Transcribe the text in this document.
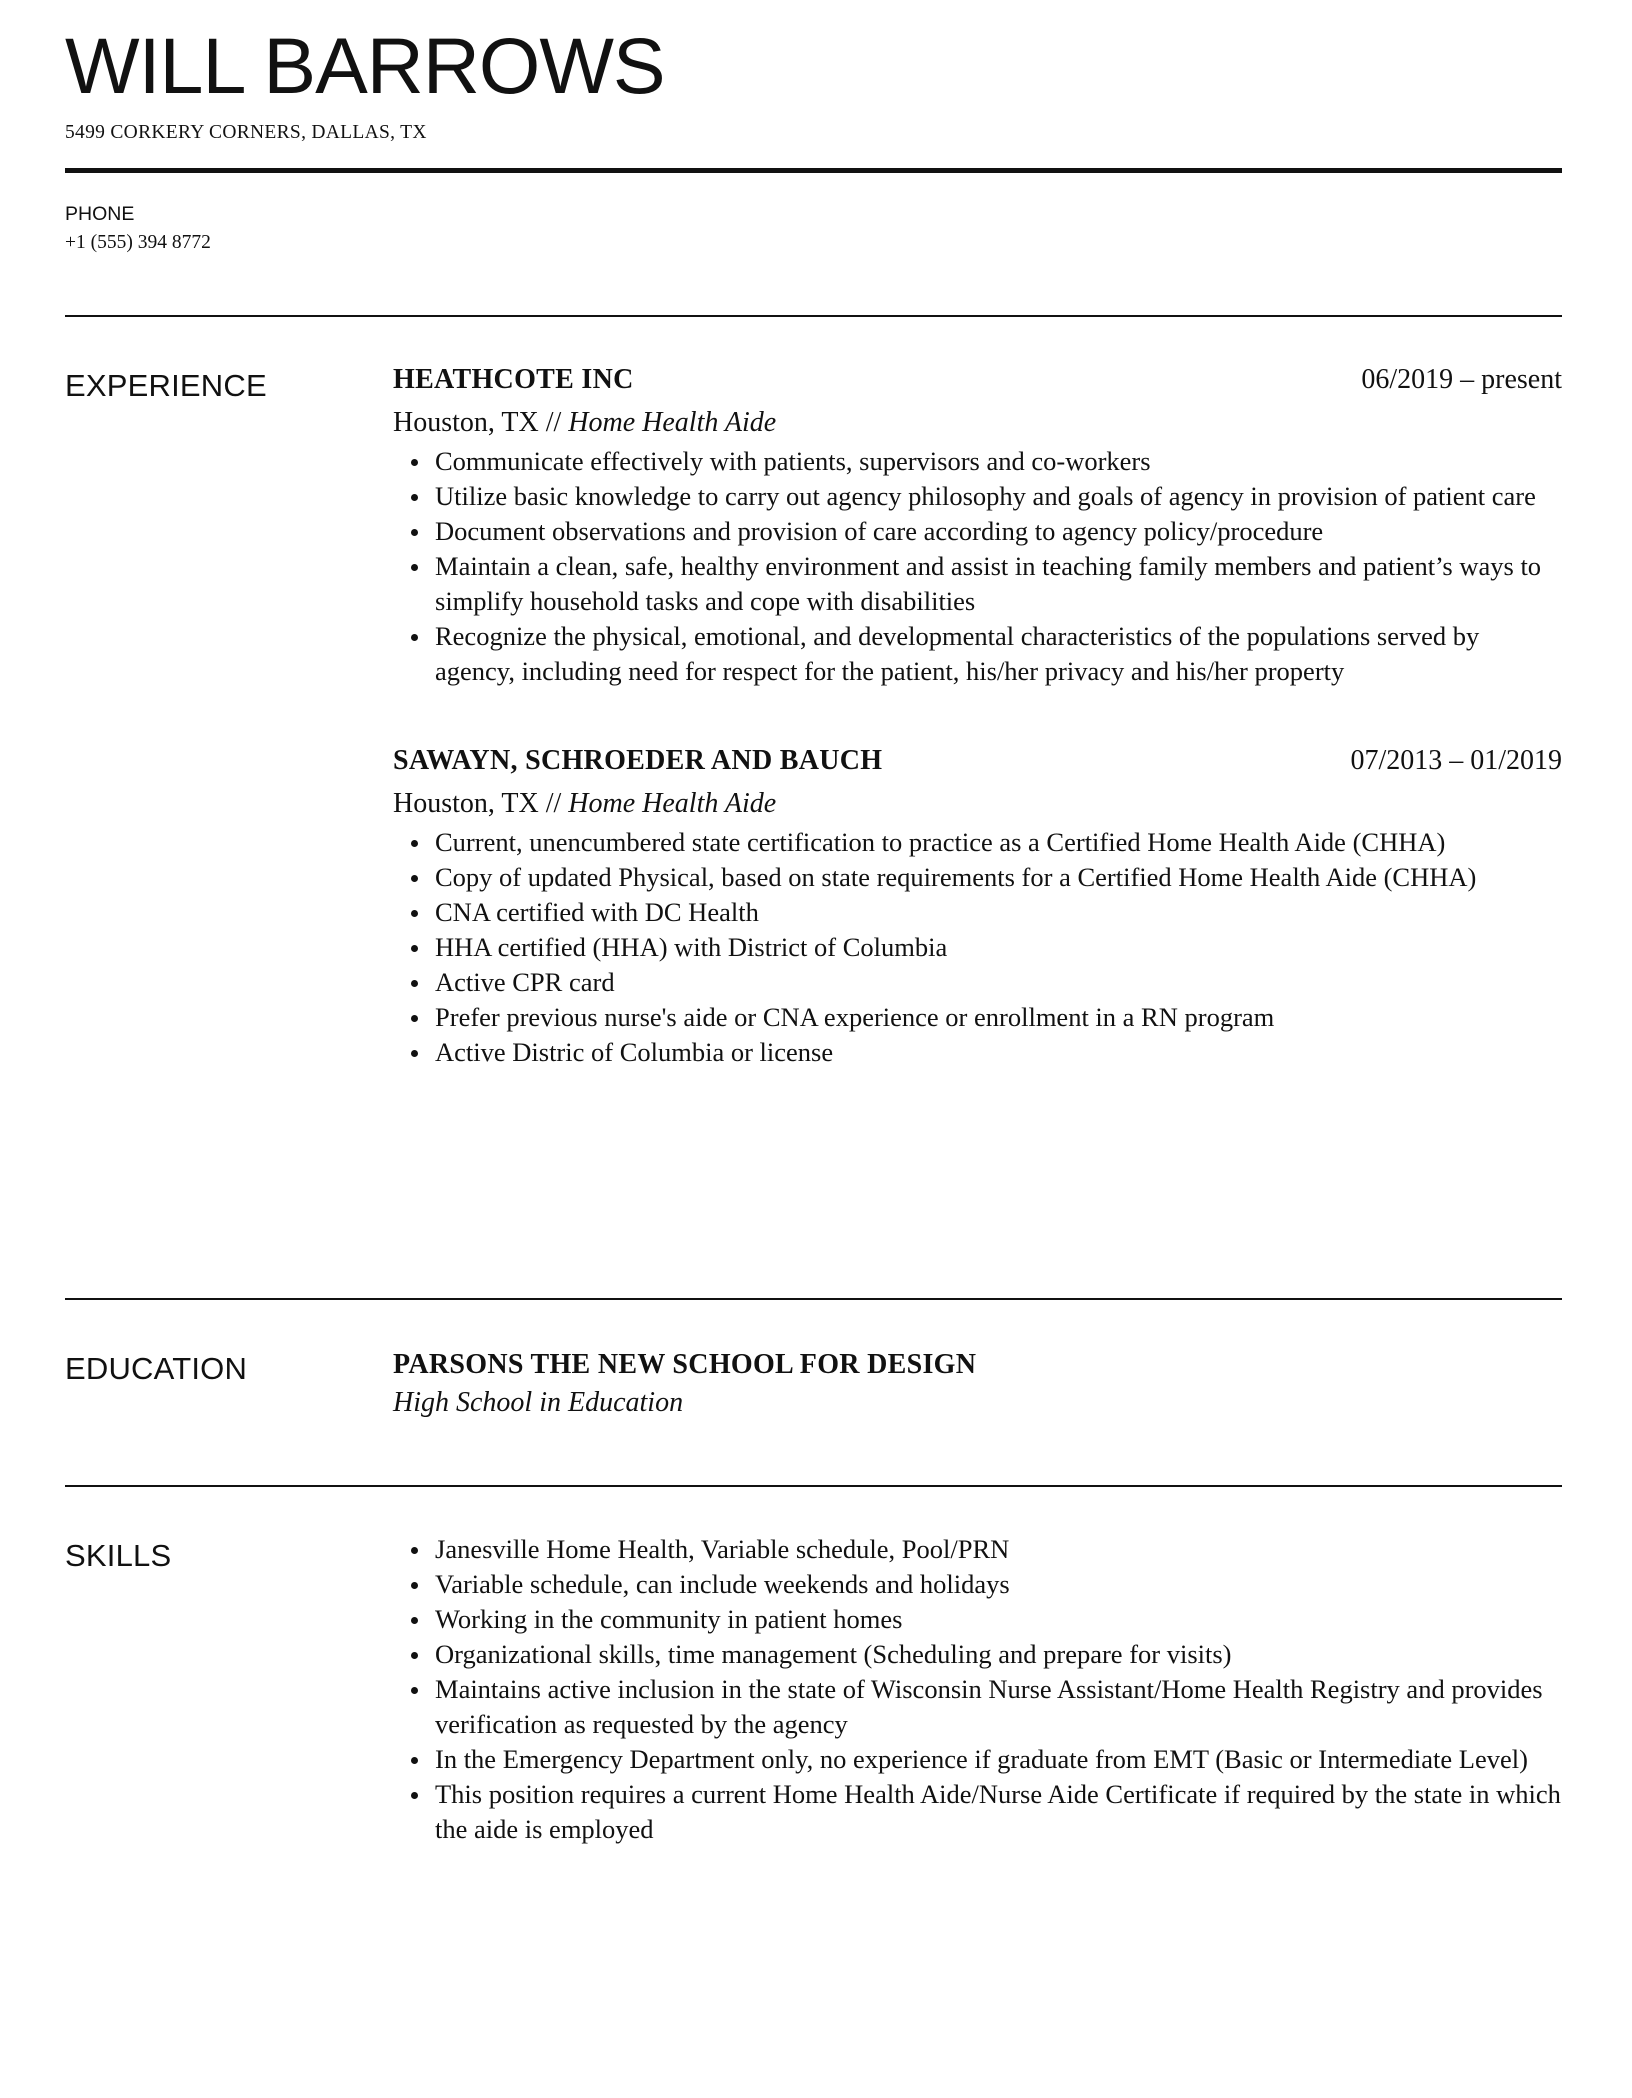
WILL BARROWS
5499 CORKERY CORNERS, DALLAS, TX
PHONE
+1 (555) 394 8772
EXPERIENCE	HEATHCOTE INC	06/2019 – present
Houston, TX // Home Health Aide
Communicate effectively with patients, supervisors and co-workers
Utilize basic knowledge to carry out agency philosophy and goals of agency in provision of patient care
Document observations and provision of care according to agency policy/procedure
Maintain a clean, safe, healthy environment and assist in teaching family members and patient’s ways to simplify household tasks and cope with disabilities
Recognize the physical, emotional, and developmental characteristics of the populations served by agency, including need for respect for the patient, his/her privacy and his/her property
SAWAYN, SCHROEDER AND BAUCH	07/2013 – 01/2019
Houston, TX // Home Health Aide
Current, unencumbered state certification to practice as a Certified Home Health Aide (CHHA)
Copy of updated Physical, based on state requirements for a Certified Home Health Aide (CHHA)
CNA certified with DC Health
HHA certified (HHA) with District of Columbia
Active CPR card
Prefer previous nurse's aide or CNA experience or enrollment in a RN program
Active Distric of Columbia or license
EDUCATION	PARSONS THE NEW SCHOOL FOR DESIGN
High School in Education
SKILLS	Janesville Home Health, Variable schedule, Pool/PRN
Variable schedule, can include weekends and holidays
Working in the community in patient homes
Organizational skills, time management (Scheduling and prepare for visits)
Maintains active inclusion in the state of Wisconsin Nurse Assistant/Home Health Registry and provides verification as requested by the agency
In the Emergency Department only, no experience if graduate from EMT (Basic or Intermediate Level)
This position requires a current Home Health Aide/Nurse Aide Certificate if required by the state in which the aide is employed
